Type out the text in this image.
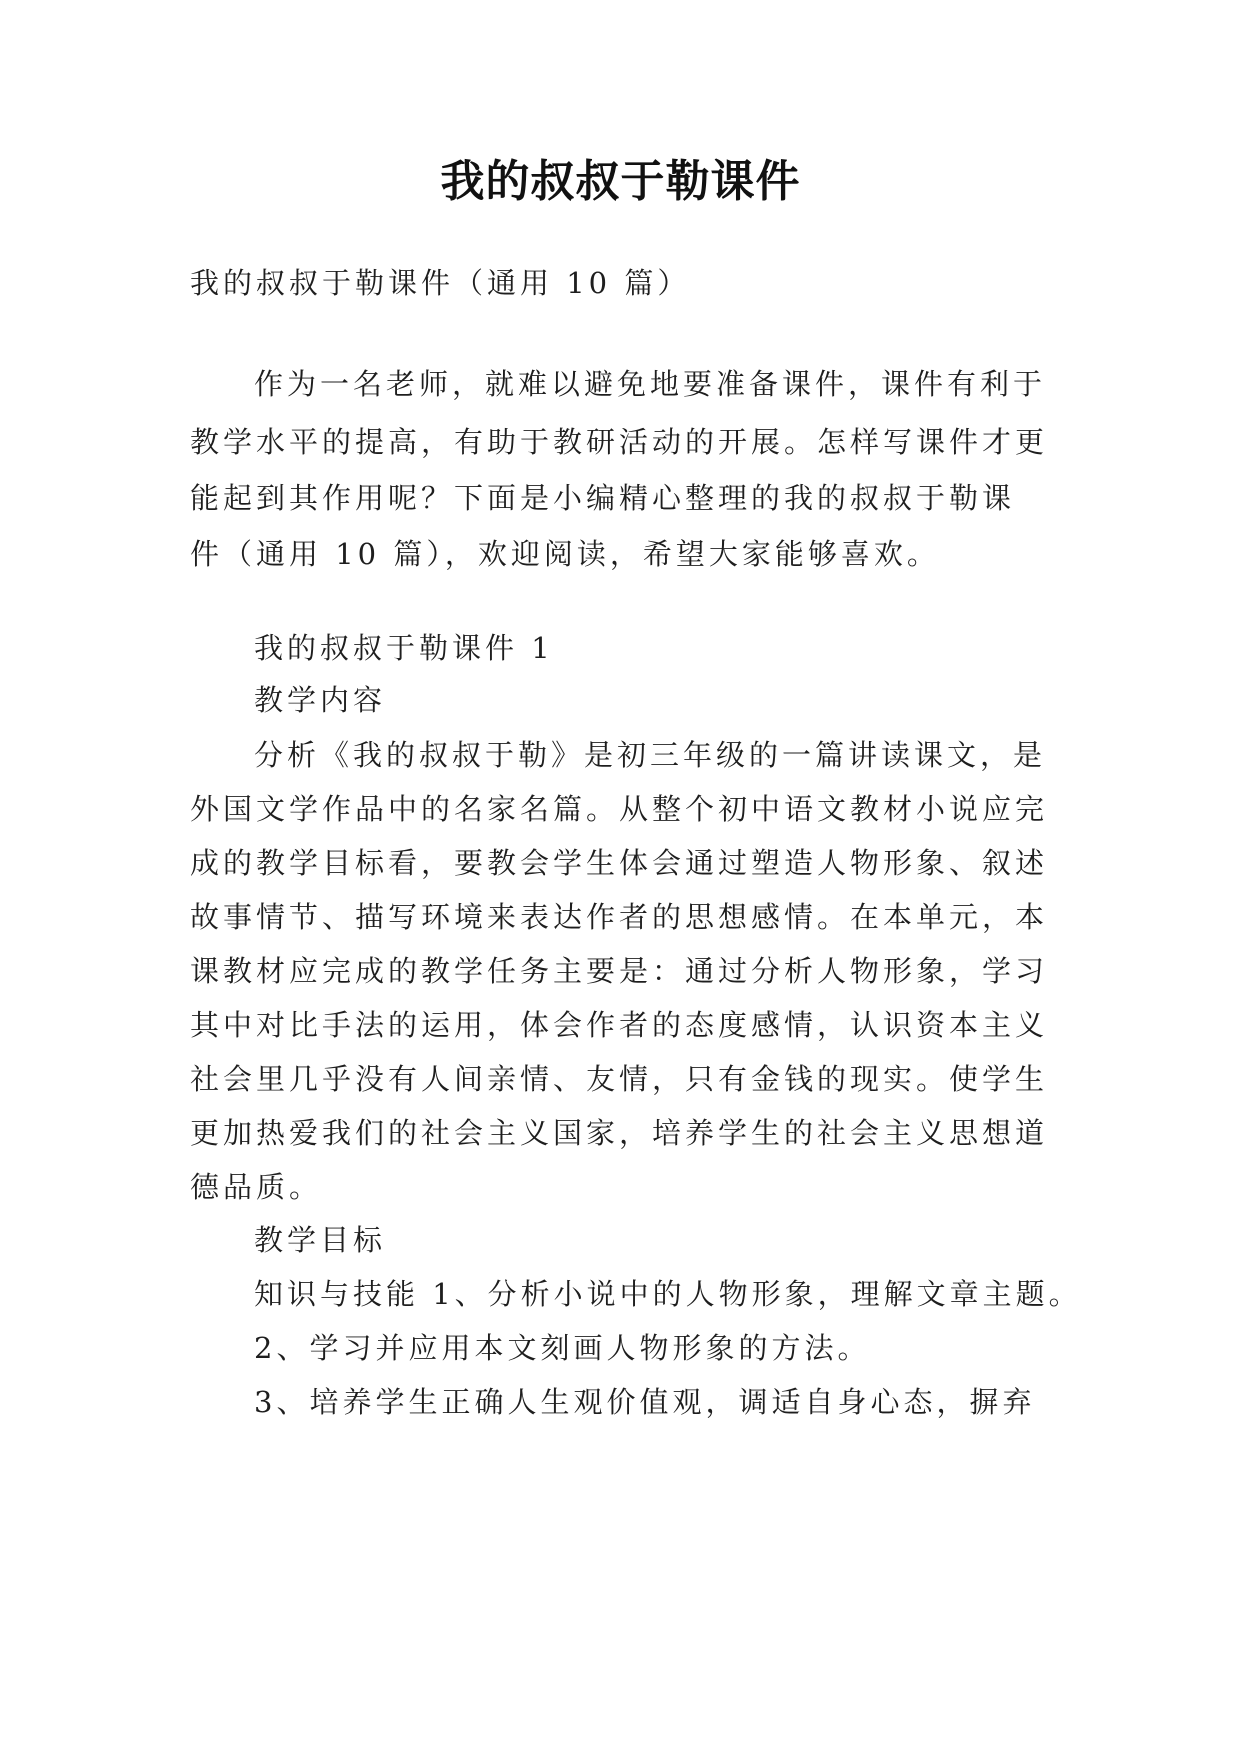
我的叔叔于勒课件
我的叔叔于勒课件（通用 10 篇）
作为一名老师，就难以避免地要准备课件，课件有利于
教学水平的提高，有助于教研活动的开展。怎样写课件才更
能起到其作用呢？下面是小编精心整理的我的叔叔于勒课
件（通用 10 篇），欢迎阅读，希望大家能够喜欢。
我的叔叔于勒课件 1
教学内容
分析《我的叔叔于勒》是初三年级的一篇讲读课文，是
外国文学作品中的名家名篇。从整个初中语文教材小说应完
成的教学目标看，要教会学生体会通过塑造人物形象、叙述
故事情节、描写环境来表达作者的思想感情。在本单元，本
课教材应完成的教学任务主要是：通过分析人物形象，学习
其中对比手法的运用，体会作者的态度感情，认识资本主义
社会里几乎没有人间亲情、友情，只有金钱的现实。使学生
更加热爱我们的社会主义国家，培养学生的社会主义思想道
德品质。
教学目标
知识与技能 1、分析小说中的人物形象，理解文章主题。
2、学习并应用本文刻画人物形象的方法。
3、培养学生正确人生观价值观，调适自身心态，摒弃
